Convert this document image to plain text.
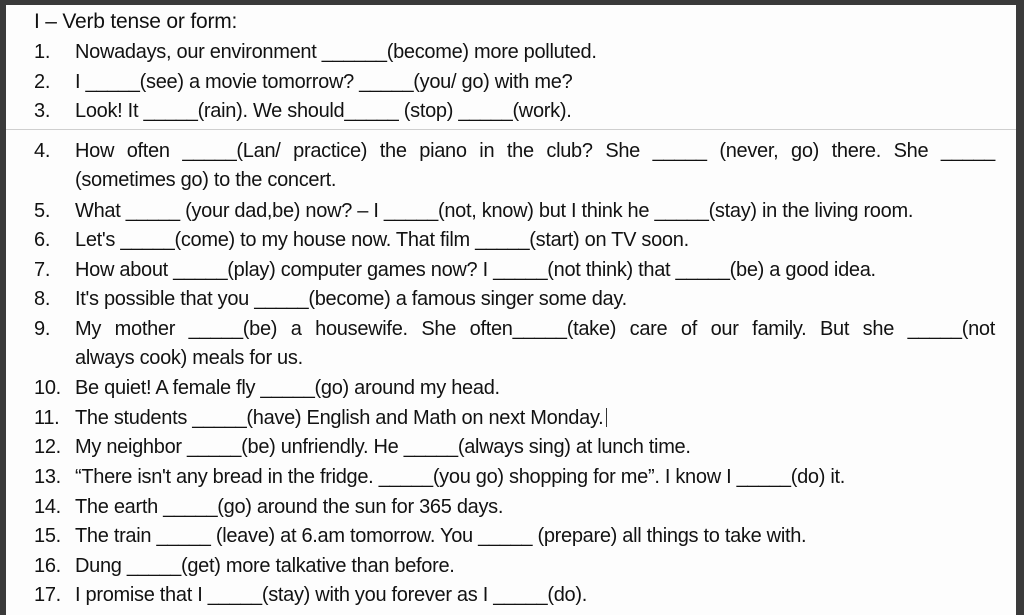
I – Verb tense or form:
1. Nowadays, our environment ______(become) more polluted.
2. I _____(see) a movie tomorrow? _____(you/ go) with me?
3. Look! It _____(rain). We should_____ (stop) _____(work).
4. How often _____(Lan/ practice) the piano in the club? She _____ (never, go) there. She _____
(sometimes go) to the concert.
5. What _____ (your dad,be) now? – I _____(not, know) but I think he _____(stay) in the living room.
6. Let's _____(come) to my house now. That film _____(start) on TV soon.
7. How about _____(play) computer games now? I _____(not think) that _____(be) a good idea.
8. It's possible that you _____(become) a famous singer some day.
9. My mother _____(be) a housewife. She often_____(take) care of our family. But she _____(not
always cook) meals for us.
10. Be quiet! A female fly _____(go) around my head.
11. The students _____(have) English and Math on next Monday.
12. My neighbor _____(be) unfriendly. He _____(always sing) at lunch time.
13. “There isn't any bread in the fridge. _____(you go) shopping for me”. I know I _____(do) it.
14. The earth _____(go) around the sun for 365 days.
15. The train _____ (leave) at 6.am tomorrow. You _____ (prepare) all things to take with.
16. Dung _____(get) more talkative than before.
17. I promise that I _____(stay) with you forever as I _____(do).
